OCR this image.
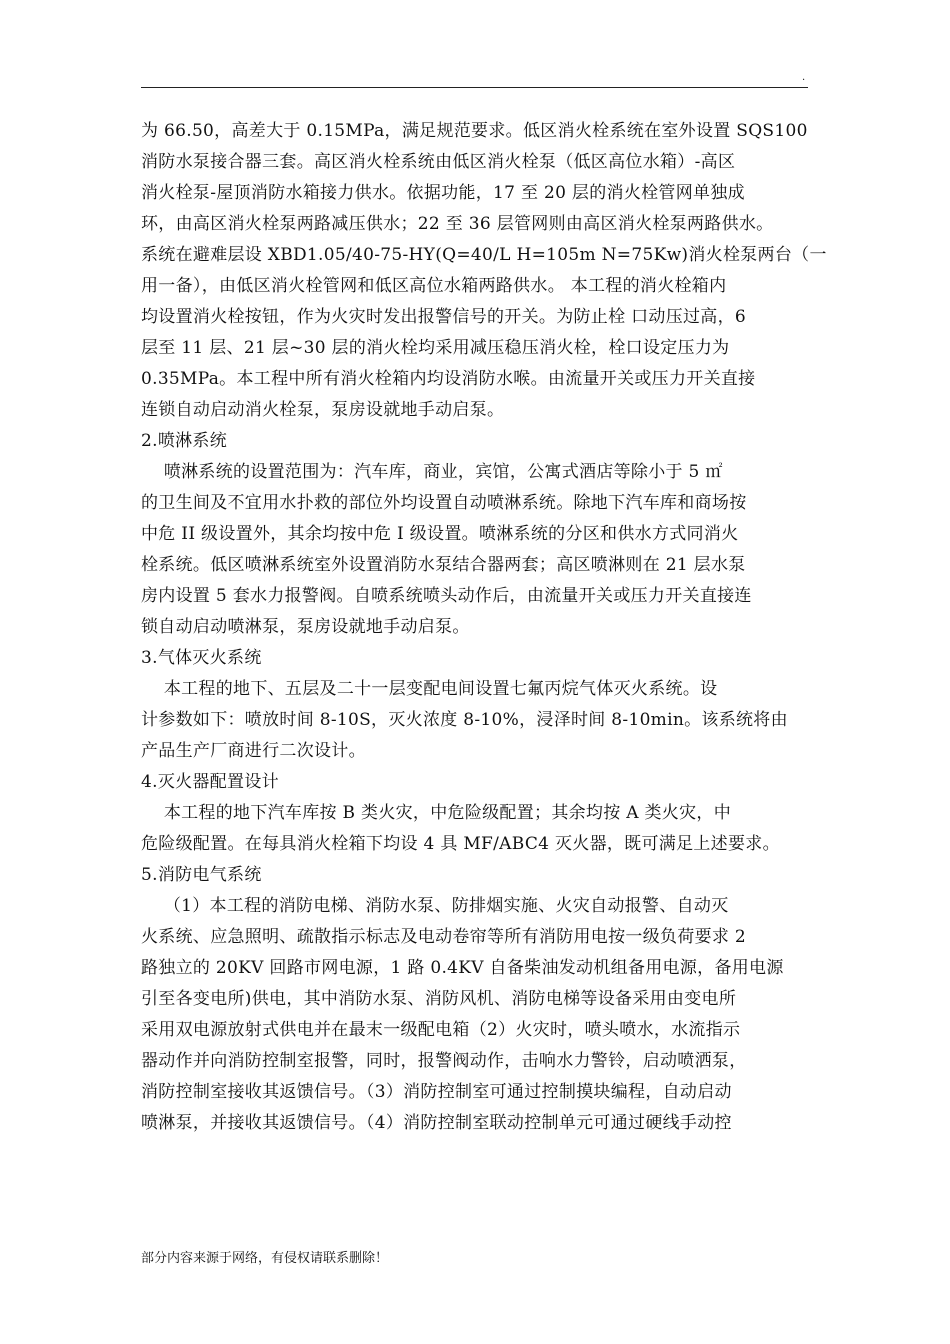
.
为 66.50，高差大于 0.15MPa，满足规范要求。低区消火栓系统在室外设置 SQS100
消防水泵接合器三套。高区消火栓系统由低区消火栓泵（低区高位水箱）-高区
消火栓泵-屋顶消防水箱接力供水。依据功能，17 至 20 层的消火栓管网单独成
环，由高区消火栓泵两路减压供水；22 至 36 层管网则由高区消火栓泵两路供水。
系统在避难层设 XBD1.05/40-75-HY(Q=40/L H=105m N=75Kw)消火栓泵两台（一
用一备），由低区消火栓管网和低区高位水箱两路供水。 本工程的消火栓箱内
均设置消火栓按钮，作为火灾时发出报警信号的开关。为防止栓 口动压过高，6
层至 11 层、21 层~30 层的消火栓均采用减压稳压消火栓，栓口设定压力为
0.35MPa。本工程中所有消火栓箱内均设消防水喉。由流量开关或压力开关直接
连锁自动启动消火栓泵，泵房设就地手动启泵。
2.喷淋系统
喷淋系统的设置范围为：汽车库，商业，宾馆，公寓式酒店等除小于 5 ㎡
的卫生间及不宜用水扑救的部位外均设置自动喷淋系统。除地下汽车库和商场按
中危 II 级设置外，其余均按中危 I 级设置。喷淋系统的分区和供水方式同消火
栓系统。低区喷淋系统室外设置消防水泵结合器两套；高区喷淋则在 21 层水泵
房内设置 5 套水力报警阀。自喷系统喷头动作后，由流量开关或压力开关直接连
锁自动启动喷淋泵，泵房设就地手动启泵。
3.气体灭火系统
本工程的地下、五层及二十一层变配电间设置七氟丙烷气体灭火系统。设
计参数如下：喷放时间 8-10S，灭火浓度 8-10%，浸泽时间 8-10min。该系统将由
产品生产厂商进行二次设计。
4.灭火器配置设计
本工程的地下汽车库按 B 类火灾，中危险级配置；其余均按 A 类火灾，中
危险级配置。在每具消火栓箱下均设 4 具 MF/ABC4 灭火器，既可满足上述要求。
5.消防电气系统
（1）本工程的消防电梯、消防水泵、防排烟实施、火灾自动报警、自动灭
火系统、应急照明、疏散指示标志及电动卷帘等所有消防用电按一级负荷要求 2
路独立的 20KV 回路市网电源，1 路 0.4KV 自备柴油发动机组备用电源，备用电源
引至各变电所)供电，其中消防水泵、消防风机、消防电梯等设备采用由变电所
采用双电源放射式供电并在最末一级配电箱（2）火灾时，喷头喷水，水流指示
器动作并向消防控制室报警，同时，报警阀动作，击响水力警铃，启动喷洒泵，
消防控制室接收其返馈信号。（3）消防控制室可通过控制摸块编程，自动启动
喷淋泵，并接收其返馈信号。（4）消防控制室联动控制单元可通过硬线手动控
部分内容来源于网络，有侵权请联系删除！
